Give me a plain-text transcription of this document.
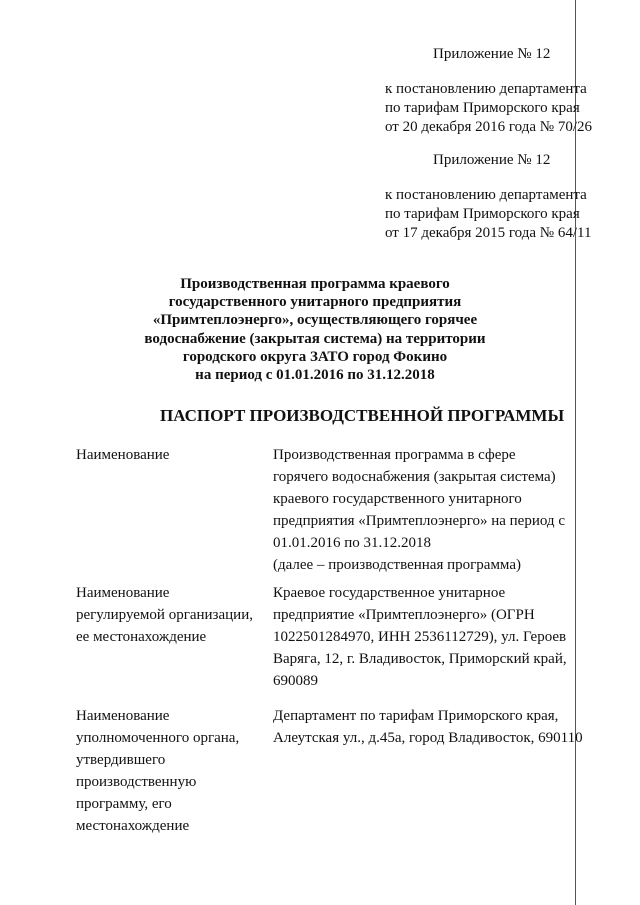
Приложение № 12
к постановлению департамента
по тарифам Приморского края
от 20 декабря 2016 года № 70/26
Приложение № 12
к постановлению департамента
по тарифам Приморского края
от 17 декабря 2015 года № 64/11
Производственная программа краевого
государственного унитарного предприятия
«Примтеплоэнерго», осуществляющего горячее
водоснабжение (закрытая система) на территории
городского округа ЗАТО город Фокино
на период с 01.01.2016 по 31.12.2018
ПАСПОРТ ПРОИЗВОДСТВЕННОЙ ПРОГРАММЫ
Наименование	Производственная программа в сфере
горячего водоснабжения (закрытая система)
краевого государственного унитарного
предприятия «Примтеплоэнерго» на период с
01.01.2016 по 31.12.2018
(далее – производственная программа)
Наименование
регулируемой организации,
ее местонахождение
Краевое государственное унитарное
предприятие «Примтеплоэнерго» (ОГРН
1022501284970, ИНН 2536112729), ул. Героев
Варяга, 12, г. Владивосток, Приморский край,
690089
Наименование
уполномоченного органа,
утвердившего
производственную
программу, его
местонахождение
Департамент по тарифам Приморского края,
Алеутская ул., д.45а, город Владивосток, 690110
